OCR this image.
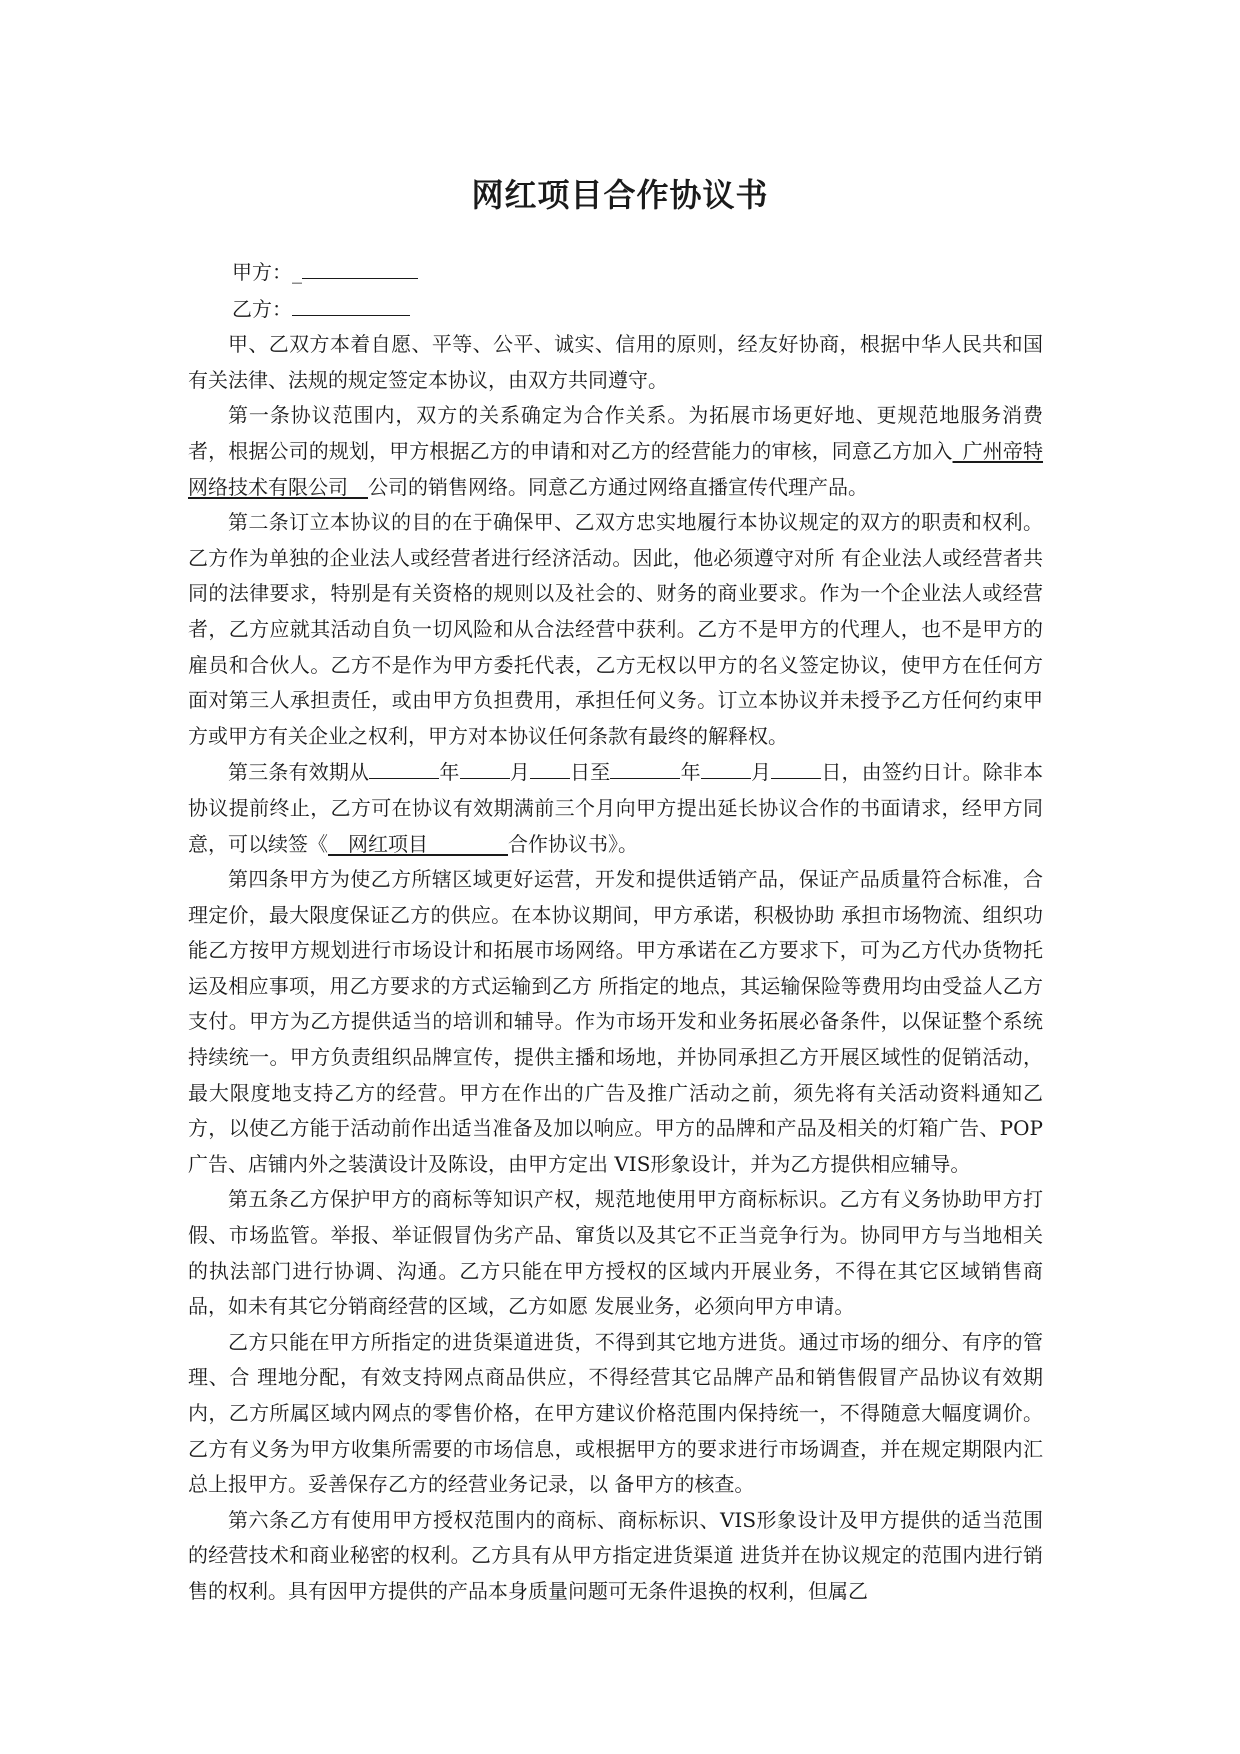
网红项目合作协议书

甲方：_

乙方：

甲、乙双方本着自愿、平等、公平、诚实、信用的原则，经友好协商，根据中华人民共和国有关法律、法规的规定签定本协议，由双方共同遵守。

第一条协议范围内，双方的关系确定为合作关系。为拓展市场更好地、更规范地服务消费者，根据公司的规划，甲方根据乙方的申请和对乙方的经营能力的审核，同意乙方加入_广州帝特网络技术有限公司__公司的销售网络。同意乙方通过网络直播宣传代理产品。

第二条订立本协议的目的在于确保甲、乙双方忠实地履行本协议规定的双方的职责和权利。乙方作为单独的企业法人或经营者进行经济活动。因此，他必须遵守对所 有企业法人或经营者共同的法律要求，特别是有关资格的规则以及社会的、财务的商业要求。作为一个企业法人或经营者，乙方应就其活动自负一切风险和从合法经营中获利。乙方不是甲方的代理人，也不是甲方的雇员和合伙人。乙方不是作为甲方委托代表，乙方无权以甲方的名义签定协议，使甲方在任何方面对第三人承担责任，或由甲方负担费用，承担任何义务。订立本协议并未授予乙方任何约束甲方或甲方有关企业之权利，甲方对本协议任何条款有最终的解释权。

第三条有效期从	年	月 日至	年	月	日，由签约日计。除非本协议提前终止，乙方可在协议有效期满前三个月向甲方提出延长协议合作的书面请求，经甲方同意，可以续签《__网红项目________合作协议书》。

第四条甲方为使乙方所辖区域更好运营，开发和提供适销产品，保证产品质量符合标准，合理定价，最大限度保证乙方的供应。在本协议期间，甲方承诺，积极协助 承担市场物流、组织功能乙方按甲方规划进行市场设计和拓展市场网络。甲方承诺在乙方要求下，可为乙方代办货物托运及相应事项，用乙方要求的方式运输到乙方 所指定的地点，其运输保险等费用均由受益人乙方支付。甲方为乙方提供适当的培训和辅导。作为市场开发和业务拓展必备条件，以保证整个系统持续统一。甲方负责组织品牌宣传，提供主播和场地，并协同承担乙方开展区域性的促销活动，最大限度地支持乙方的经营。甲方在作出的广告及推广活动之前，须先将有关活动资料通知乙方，以使乙方能于活动前作出适当准备及加以响应。甲方的品牌和产品及相关的灯箱广告、POP广告、店铺内外之装潢设计及陈设，由甲方定出 VIS形象设计，并为乙方提供相应辅导。

第五条乙方保护甲方的商标等知识产权，规范地使用甲方商标标识。乙方有义务协助甲方打假、市场监管。举报、举证假冒伪劣产品、窜货以及其它不正当竞争行为。协同甲方与当地相关的执法部门进行协调、沟通。乙方只能在甲方授权的区域内开展业务，不得在其它区域销售商品，如未有其它分销商经营的区域，乙方如愿 发展业务，必须向甲方申请。

乙方只能在甲方所指定的进货渠道进货，不得到其它地方进货。通过市场的细分、有序的管理、合 理地分配，有效支持网点商品供应，不得经营其它品牌产品和销售假冒产品协议有效期内，乙方所属区域内网点的零售价格，在甲方建议价格范围内保持统一，不得随意大幅度调价。乙方有义务为甲方收集所需要的市场信息，或根据甲方的要求进行市场调查，并在规定期限内汇总上报甲方。妥善保存乙方的经营业务记录，以 备甲方的核查。

第六条乙方有使用甲方授权范围内的商标、商标标识、VIS形象设计及甲方提供的适当范围的经营技术和商业秘密的权利。乙方具有从甲方指定进货渠道 进货并在协议规定的范围内进行销售的权利。具有因甲方提供的产品本身质量问题可无条件退换的权利，但属乙
